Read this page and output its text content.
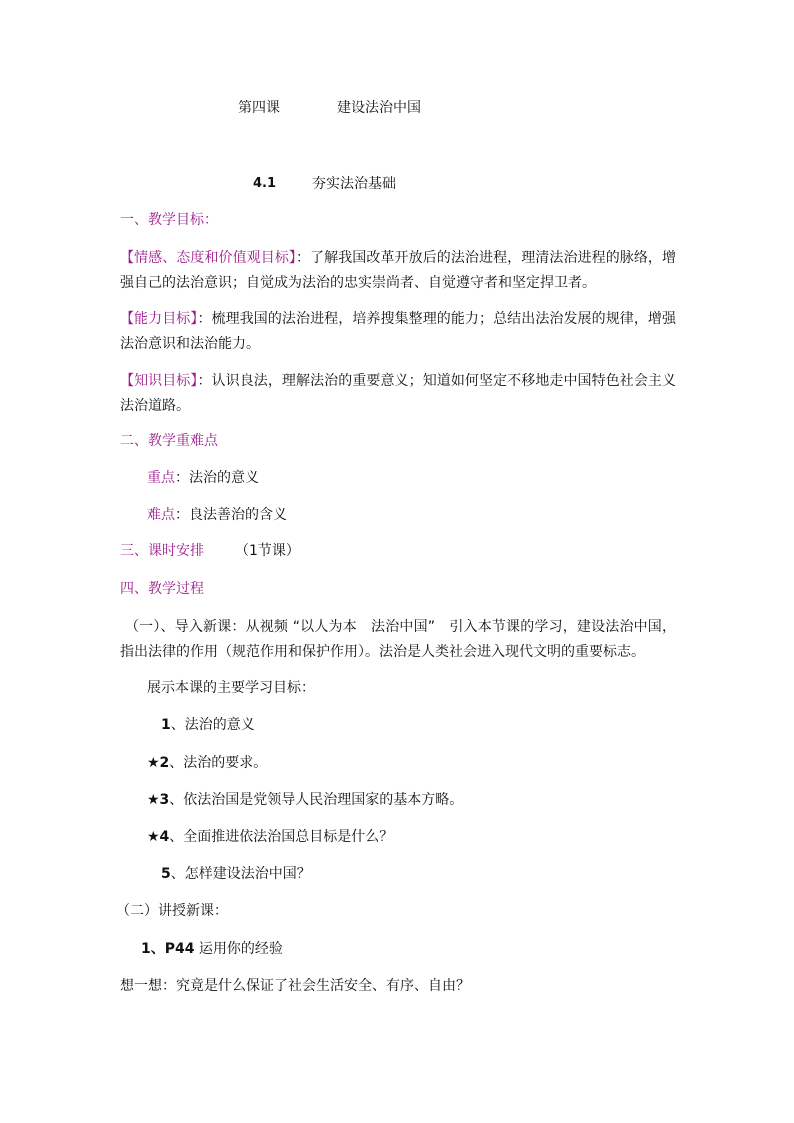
第四课	建设法治中国
4.1	夯实法治基础
一、教学目标：
【情感、态度和价值观目标】：了解我国改革开放后的法治进程，理清法治进程的脉络，增强自己的法治意识；自觉成为法治的忠实崇尚者、自觉遵守者和坚定捍卫者。
【能力目标】：梳理我国的法治进程，培养搜集整理的能力；总结出法治发展的规律，增强法治意识和法治能力。
【知识目标】：认识良法，理解法治的重要意义；知道如何坚定不移地走中国特色社会主义法治道路。
二、教学重难点
重点：法治的意义
难点：良法善治的含义
三、课时安排 （1节课）
四、教学过程
（一）、导入新课：从视频 “以人为本　法治中国”　引入本节课的学习，建设法治中国，指出法律的作用（规范作用和保护作用）。法治是人类社会进入现代文明的重要标志。
展示本课的主要学习目标：
1、法治的意义
★2、法治的要求。
★3、依法治国是党领导人民治理国家的基本方略。
★4、全面推进依法治国总目标是什么？
5、怎样建设法治中国？
（二）讲授新课：
1、P44 运用你的经验
想一想：究竟是什么保证了社会生活安全、有序、自由？
